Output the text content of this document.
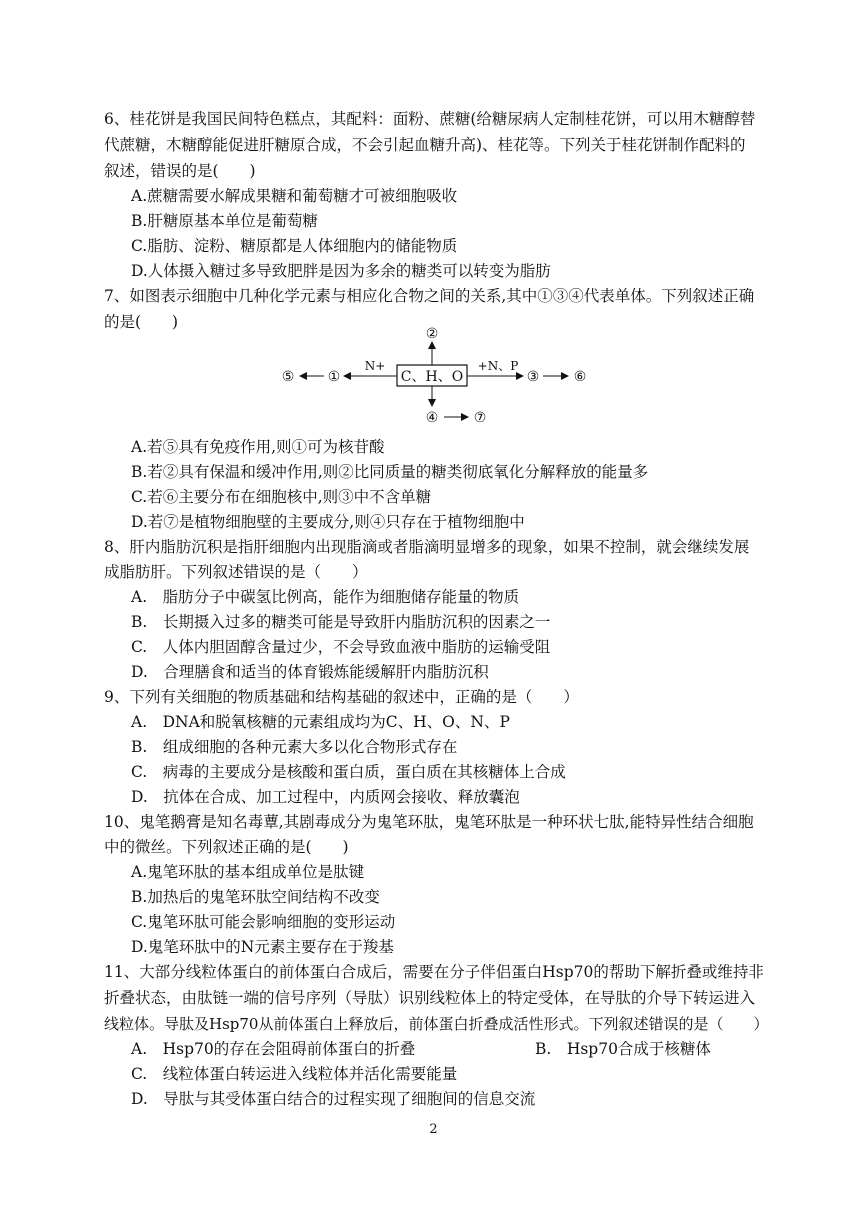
6、桂花饼是我国民间特色糕点，其配料：面粉、蔗糖(给糖尿病人定制桂花饼，可以用木糖醇替
代蔗糖，木糖醇能促进肝糖原合成，不会引起血糖升高)、桂花等。下列关于桂花饼制作配料的
叙述，错误的是(　　)
A.蔗糖需要水解成果糖和葡萄糖才可被细胞吸收
B.肝糖原基本单位是葡萄糖
C.脂肪、淀粉、糖原都是人体细胞内的储能物质
D.人体摄入糖过多导致肥胖是因为多余的糖类可以转变为脂肪
7、如图表示细胞中几种化学元素与相应化合物之间的关系,其中①③④代表单体。下列叙述正确
的是(　　)
C、H、O
②
N+
①
⑤
+N、P
③ ⑥
④	⑦
A.若⑤具有免疫作用,则①可为核苷酸
B.若②具有保温和缓冲作用,则②比同质量的糖类彻底氧化分解释放的能量多
C.若⑥主要分布在细胞核中,则③中不含单糖
D.若⑦是植物细胞壁的主要成分,则④只存在于植物细胞中
8、肝内脂肪沉积是指肝细胞内出现脂滴或者脂滴明显增多的现象，如果不控制，就会继续发展
成脂肪肝。下列叙述错误的是（　　）
A.　脂肪分子中碳氢比例高，能作为细胞储存能量的物质
B.　长期摄入过多的糖类可能是导致肝内脂肪沉积的因素之一
C.　人体内胆固醇含量过少，不会导致血液中脂肪的运输受阻
D.　合理膳食和适当的体育锻炼能缓解肝内脂肪沉积
9、下列有关细胞的物质基础和结构基础的叙述中，正确的是（　　）
A.　DNA和脱氧核糖的元素组成均为C、H、O、N、P
B.　组成细胞的各种元素大多以化合物形式存在
C.　病毒的主要成分是核酸和蛋白质，蛋白质在其核糖体上合成
D.　抗体在合成、加工过程中，内质网会接收、释放囊泡
10、鬼笔鹅膏是知名毒蕈,其剧毒成分为鬼笔环肽，鬼笔环肽是一种环状七肽,能特异性结合细胞
中的微丝。下列叙述正确的是(　　)
A.鬼笔环肽的基本组成单位是肽键
B.加热后的鬼笔环肽空间结构不改变
C.鬼笔环肽可能会影响细胞的变形运动
D.鬼笔环肽中的N元素主要存在于羧基
11、大部分线粒体蛋白的前体蛋白合成后，需要在分子伴侣蛋白Hsp70的帮助下解折叠或维持非
折叠状态，由肽链一端的信号序列（导肽）识别线粒体上的特定受体，在导肽的介导下转运进入
线粒体。导肽及Hsp70从前体蛋白上释放后，前体蛋白折叠成活性形式。下列叙述错误的是（　　）
A.　Hsp70的存在会阻碍前体蛋白的折叠	B.　Hsp70合成于核糖体
C.　线粒体蛋白转运进入线粒体并活化需要能量
D.　导肽与其受体蛋白结合的过程实现了细胞间的信息交流
2
